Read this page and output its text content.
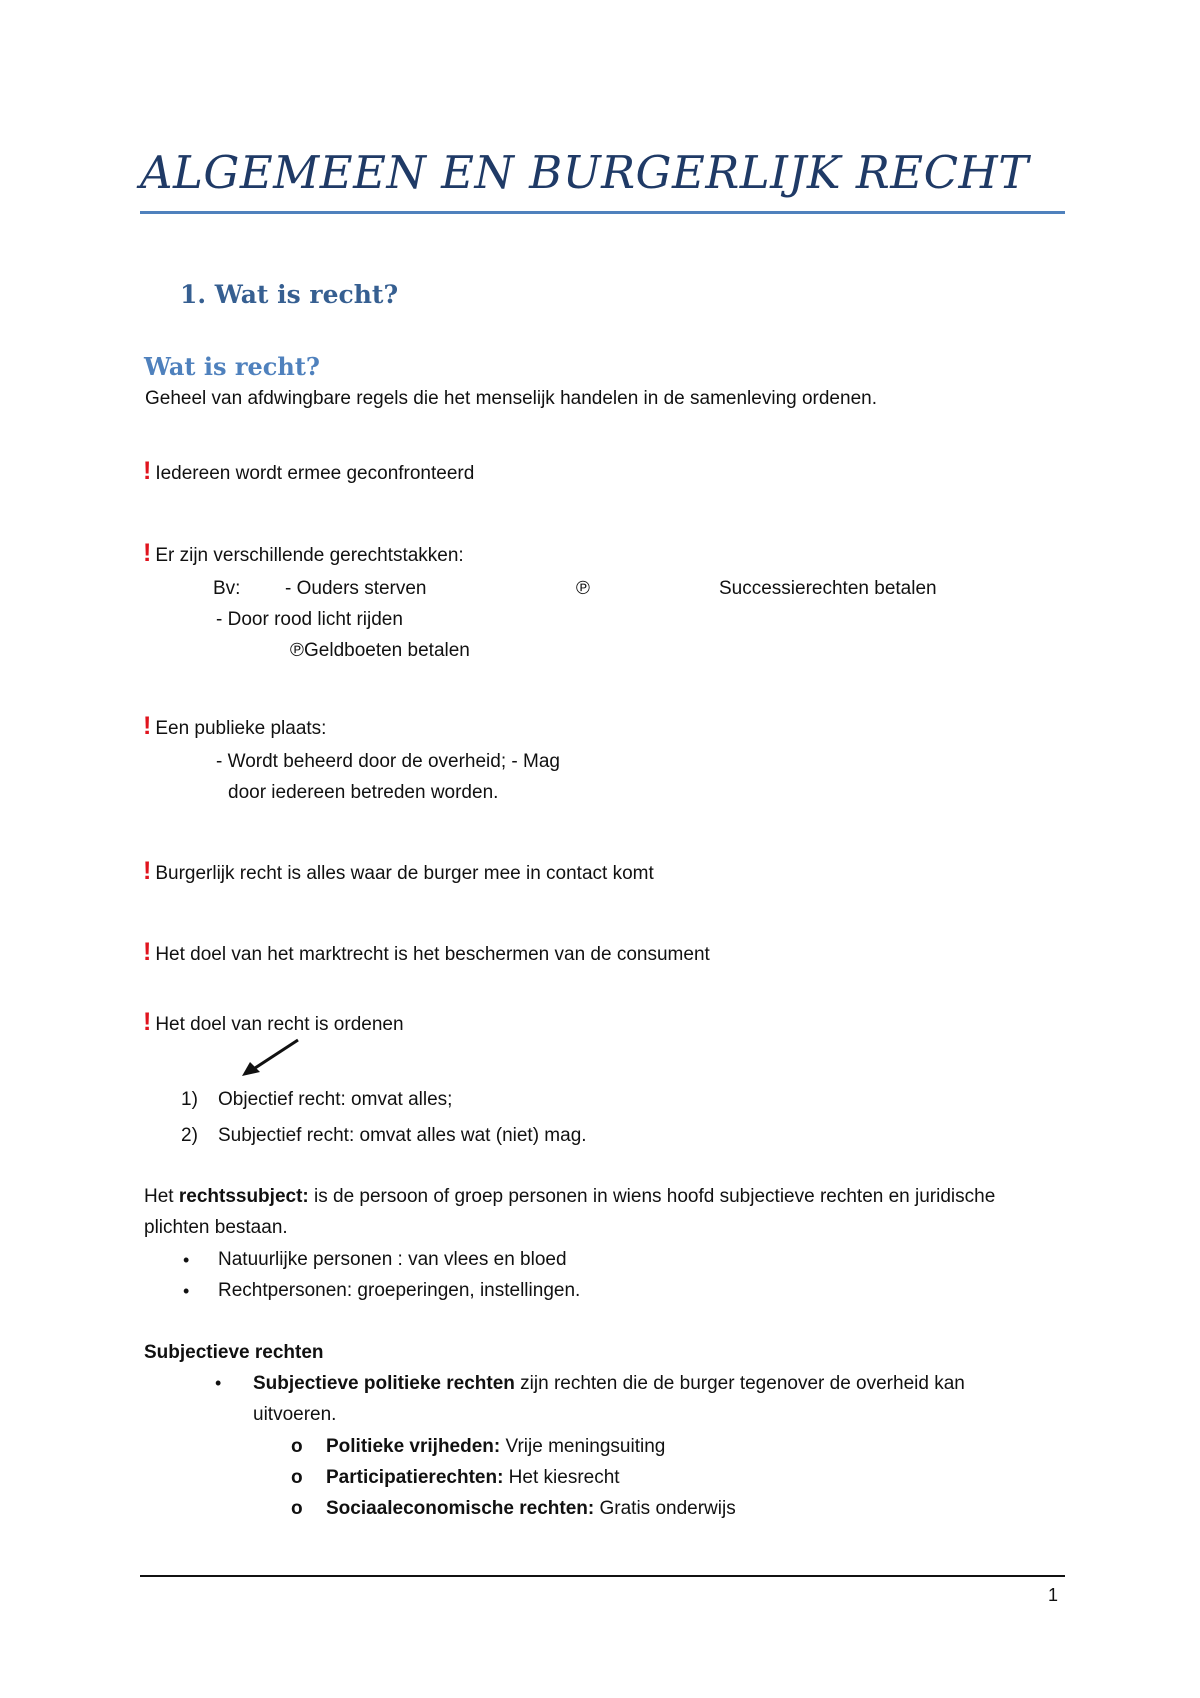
ALGEMEEN EN BURGERLIJK RECHT
1. Wat is recht?
Wat is recht?
Geheel van afdwingbare regels die het menselijk handelen in de samenleving ordenen.
! Iedereen wordt ermee geconfronteerd
! Er zijn verschillende gerechtstakken:
Bv: - Ouders sterven	℗	Successierechten betalen
- Door rood licht rijden
℗Geldboeten betalen
! Een publieke plaats:
- Wordt beheerd door de overheid; - Mag
door iedereen betreden worden.
! Burgerlijk recht is alles waar de burger mee in contact komt
! Het doel van het marktrecht is het beschermen van de consument
! Het doel van recht is ordenen
1) Objectief recht: omvat alles;
2) Subjectief recht: omvat alles wat (niet) mag.
Het rechtssubject: is de persoon of groep personen in wiens hoofd subjectieve rechten en juridische
plichten bestaan.
• Natuurlijke personen : van vlees en bloed
• Rechtpersonen: groeperingen, instellingen.
Subjectieve rechten
• Subjectieve politieke rechten zijn rechten die de burger tegenover de overheid kan
uitvoeren.
o Politieke vrijheden: Vrije meningsuiting
o Participatierechten: Het kiesrecht
o Sociaaleconomische rechten: Gratis onderwijs
1
